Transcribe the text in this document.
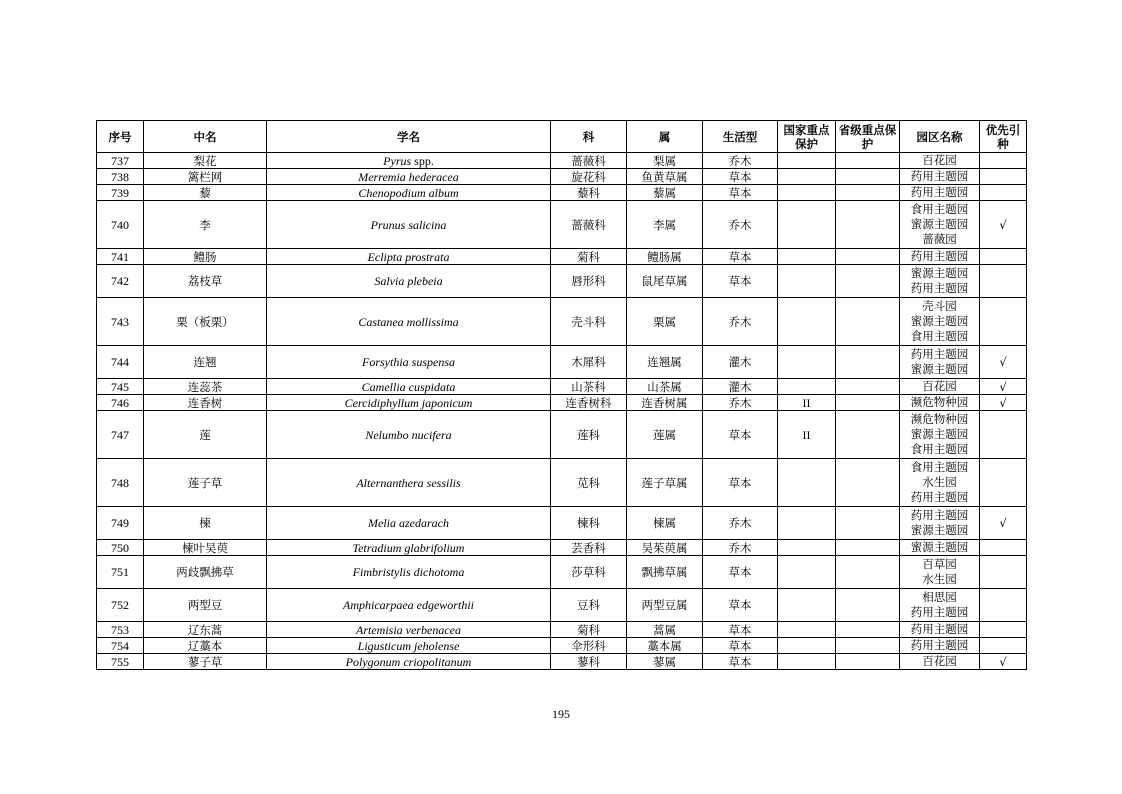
序号	中名	学名	科	属	生活型	国家重点保护	省级重点保护	园区名称	优先引种
737	梨花	Pyrus spp.	蔷薇科	梨属	乔木			百花园	

738	篱栏网	Merremia hederacea	旋花科	鱼黄草属	草本			药用主题园	

739	藜	Chenopodium album	藜科	藜属	草本			药用主题园	

740	李	Prunus salicina	蔷薇科	李属	乔木			食用主题园
蜜源主题园
蔷薇园	√
741	鳢肠	Eclipta prostrata	菊科	鳢肠属	草本			药用主题园	

742	荔枝草	Salvia plebeia	唇形科	鼠尾草属	草本			蜜源主题园
药用主题园	

743	栗（板栗）	Castanea mollissima	壳斗科	栗属	乔木			壳斗园
蜜源主题园
食用主题园	

744	连翘	Forsythia suspensa	木犀科	连翘属	灌木			药用主题园
蜜源主题园	√
745	连蕊茶	Camellia cuspidata	山茶科	山茶属	灌木			百花园	√
746	连香树	Cercidiphyllum japonicum	连香树科	连香树属	乔木	II		濒危物种园	√
747	莲	Nelumbo nucifera	莲科	莲属	草本	II		濒危物种园
蜜源主题园
食用主题园	

748	莲子草	Alternanthera sessilis	苋科	莲子草属	草本			食用主题园
水生园
药用主题园	

749	楝	Melia azedarach	楝科	楝属	乔木			药用主题园
蜜源主题园	√
750	楝叶吴萸	Tetradium glabrifolium	芸香科	吴茱萸属	乔木			蜜源主题园	

751	两歧飘拂草	Fimbristylis dichotoma	莎草科	飘拂草属	草本			百草园
水生园	

752	两型豆	Amphicarpaea edgeworthii	豆科	两型豆属	草本			相思园
药用主题园	

753	辽东蒿	Artemisia verbenacea	菊科	蒿属	草本			药用主题园	

754	辽藁本	Ligusticum jeholense	伞形科	藁本属	草本			药用主题园	

755	蓼子草	Polygonum criopolitanum	蓼科	蓼属	草本			百花园	√
195
